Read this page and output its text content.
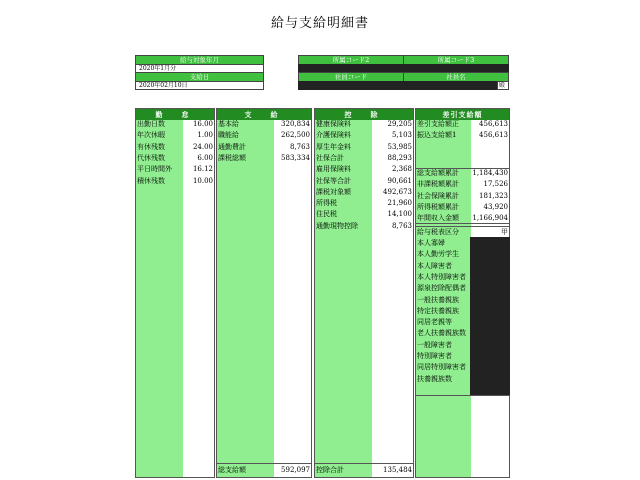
給与支給明細書
給与対象年月
2020年1月分
支給日
2020年02月10日
所属コード2	所属コード3
社員コード	社員名
殿
勤　怠	支　給	控　除	差引支給額
出勤日数	16.00
年次休暇	1.00
有休残数	24.00
代休残数	6.00
平日時間外	16.12
積休残数	10.00
基本給	320,834
職能給	262,500
通勤費計	8,763
課税総額	583,334
健康保険料	29,205
介護保険料	5,103
厚生年金料	53,985
社保合計	88,293
雇用保険料	2,368
社保等合計	90,661
課税対象額	492,673
所得税	21,960
住民税	14,100
通勤現物控除	8,763
差引支給額正	456,613
振込支給額1	456,613
総支給額累計	1,184,430
非課税額累計	17,526
社会保険累計	181,323
所得税額累計	43,920
年間収入金額	1,166,904
給与税表区分	甲
本人寡婦
本人勤労学生
本人障害者
本人特別障害者
源泉控除配偶者
一般扶養親族
特定扶養親族
同居老親等
老人扶養親族数
一般障害者
特別障害者
同居特別障害者
扶養親族数
総支給額	592,097 控除合計	135,484
